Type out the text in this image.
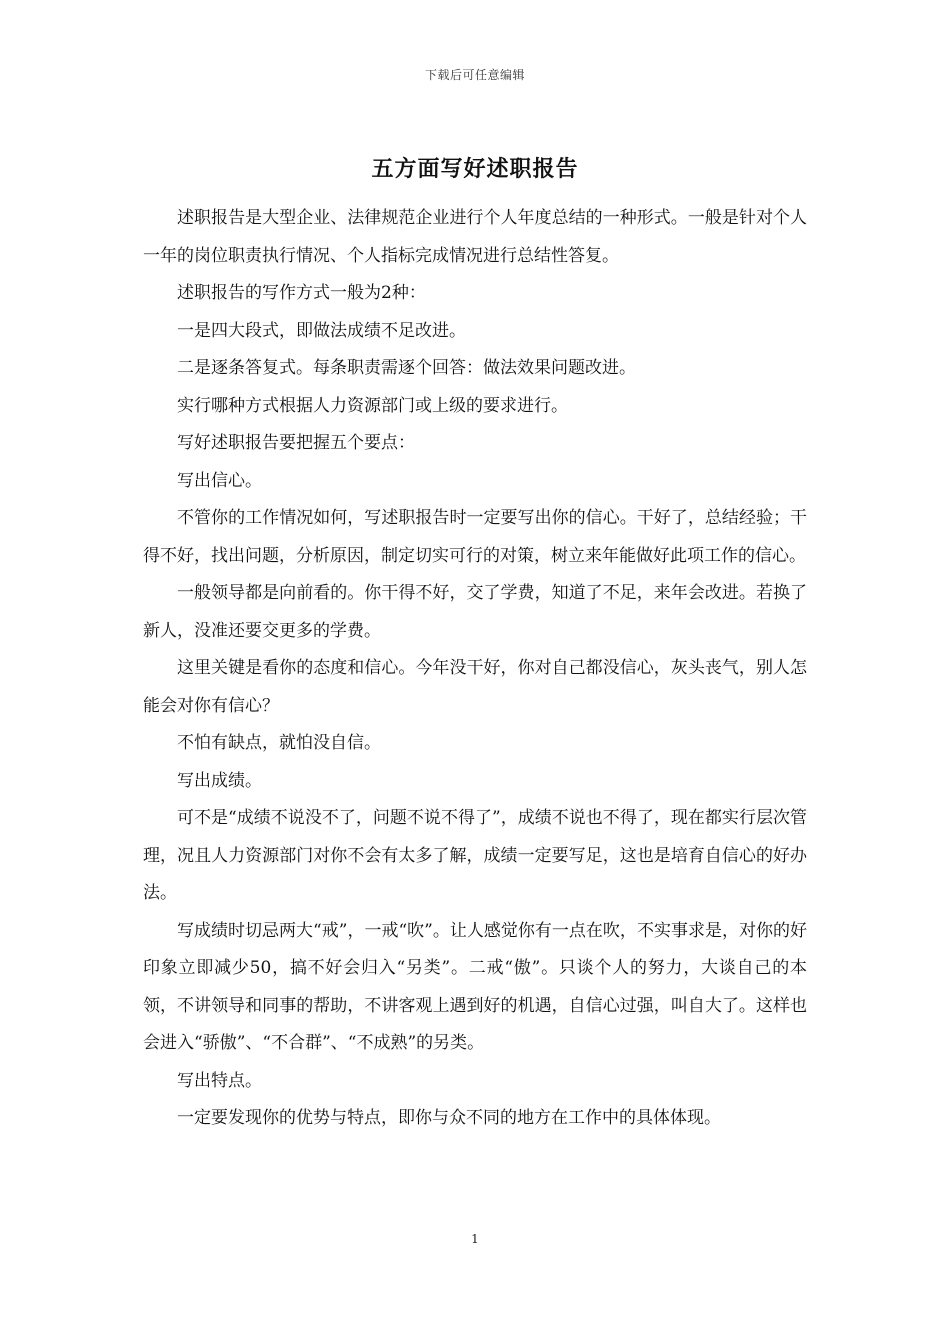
下载后可任意编辑
五方面写好述职报告

述职报告是大型企业、法律规范企业进行个人年度总结的一种形式。一般是针对个人一年的岗位职责执行情况、个人指标完成情况进行总结性答复。

述职报告的写作方式一般为2种：

一是四大段式，即做法成绩不足改进。

二是逐条答复式。每条职责需逐个回答：做法效果问题改进。

实行哪种方式根据人力资源部门或上级的要求进行。

写好述职报告要把握五个要点：

写出信心。

不管你的工作情况如何，写述职报告时一定要写出你的信心。干好了，总结经验；干得不好，找出问题，分析原因，制定切实可行的对策，树立来年能做好此项工作的信心。

一般领导都是向前看的。你干得不好，交了学费，知道了不足，来年会改进。若换了新人，没准还要交更多的学费。

这里关键是看你的态度和信心。今年没干好，你对自己都没信心，灰头丧气，别人怎能会对你有信心？

不怕有缺点，就怕没自信。

写出成绩。

可不是“成绩不说没不了，问题不说不得了”，成绩不说也不得了，现在都实行层次管理，况且人力资源部门对你不会有太多了解，成绩一定要写足，这也是培育自信心的好办法。

写成绩时切忌两大“戒”，一戒“吹”。让人感觉你有一点在吹，不实事求是，对你的好印象立即减少50，搞不好会归入“另类”。二戒“傲”。只谈个人的努力，大谈自己的本领，不讲领导和同事的帮助，不讲客观上遇到好的机遇，自信心过强，叫自大了。这样也会进入“骄傲”、“不合群”、“不成熟”的另类。

写出特点。

一定要发现你的优势与特点，即你与众不同的地方在工作中的具体体现。

1
